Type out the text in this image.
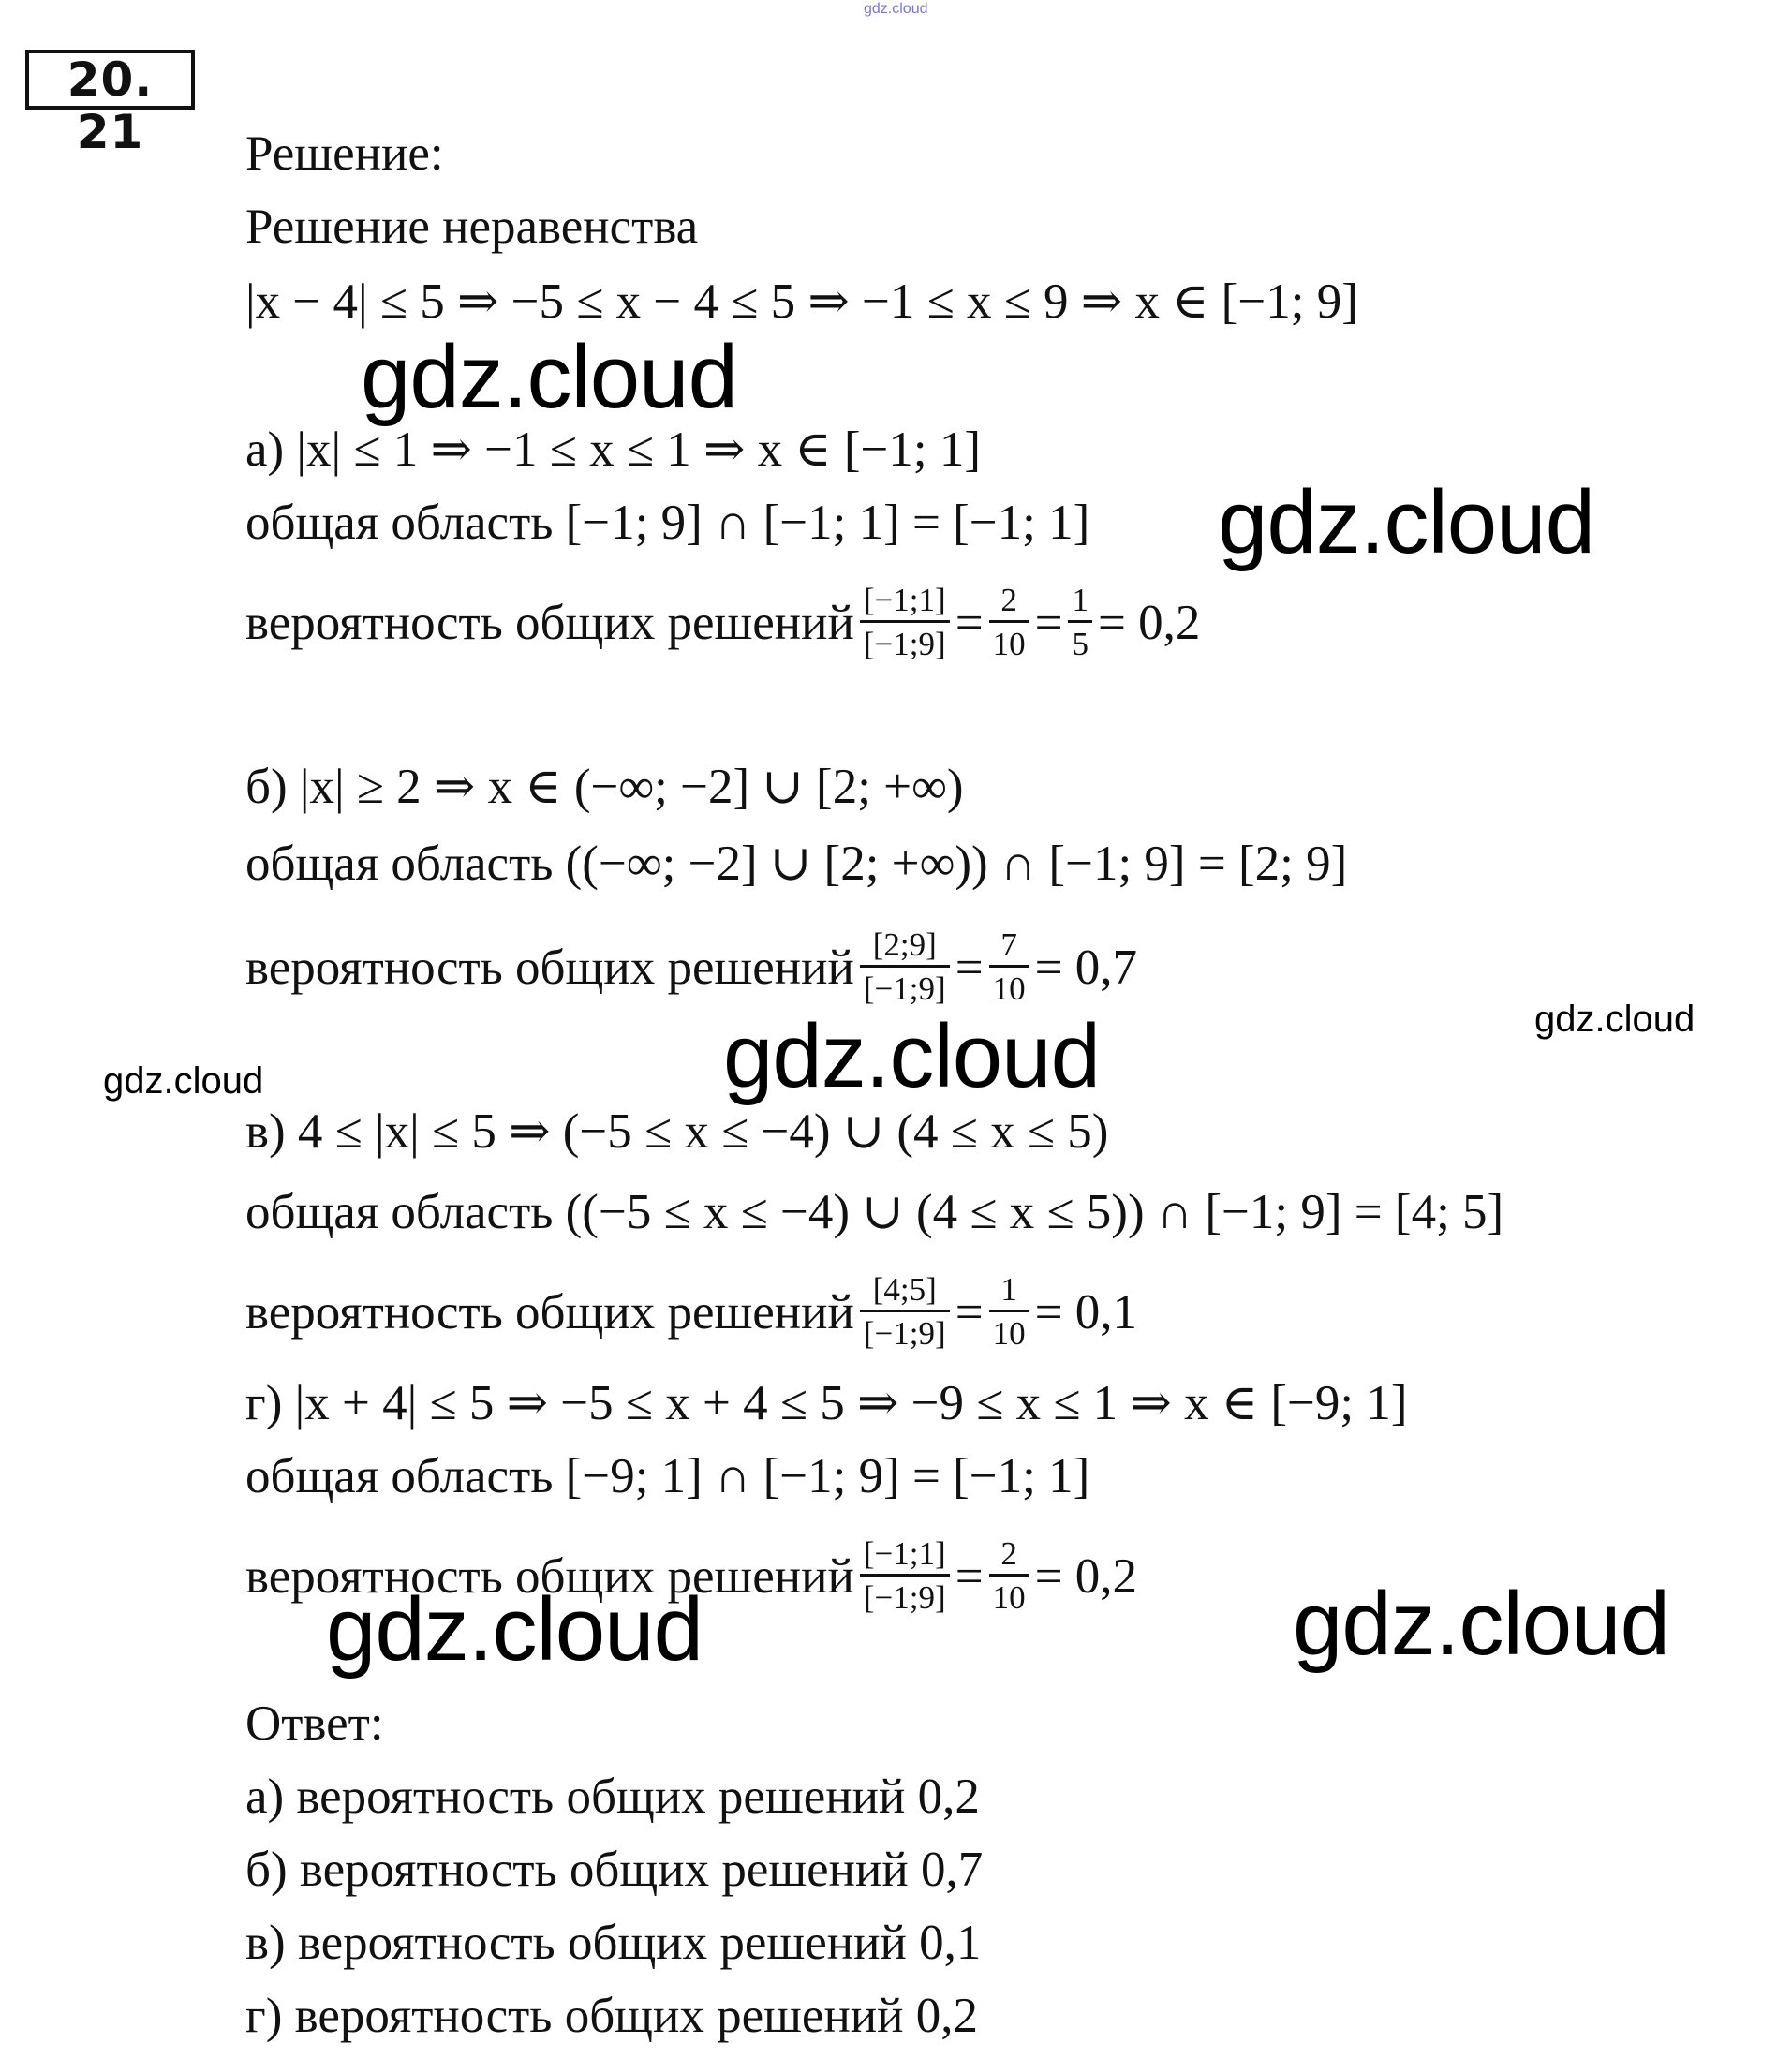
20. 21	Решение:
Решение неравенства
|x − 4| ≤ 5 ⇒ −5 ≤ x − 4 ≤ 5 ⇒ −1 ≤ x ≤ 9 ⇒ x ∈ [−1; 9]
а) |x| ≤ 1 ⇒ −1 ≤ x ≤ 1 ⇒ x ∈ [−1; 1]
общая область [−1; 9] ∩ [−1; 1] = [−1; 1]
вероятность общих решений $\frac{[-1;1]}{[-1;9]} = \frac{2}{10} = \frac{1}{5} = 0,2$
б) |x| ≥ 2 ⇒ x ∈ (−∞; −2] ∪ [2; +∞)
общая область ((−∞; −2] ∪ [2; +∞)) ∩ [−1; 9] = [2; 9]
вероятность общих решений $\frac{[2;9]}{[-1;9]} = \frac{7}{10} = 0,7$
в) 4 ≤ |x| ≤ 5 ⇒ (−5 ≤ x ≤ −4) ∪ (4 ≤ x ≤ 5)
общая область ((−5 ≤ x ≤ −4) ∪ (4 ≤ x ≤ 5)) ∩ [−1; 9] = [4; 5]
вероятность общих решений $\frac{[4;5]}{[-1;9]} = \frac{1}{10} = 0,1$
г) |x + 4| ≤ 5 ⇒ −5 ≤ x + 4 ≤ 5 ⇒ −9 ≤ x ≤ 1 ⇒ x ∈ [−9; 1]
общая область [−9; 1] ∩ [−1; 9] = [−1; 1]
вероятность общих решений $\frac{[-1;1]}{[-1;9]} = \frac{2}{10} = 0,2$
Ответ:
а) вероятность общих решений 0,2
б) вероятность общих решений 0,7
в) вероятность общих решений 0,1
г) вероятность общих решений 0,2
gdz.cloud
gdz.cloud
gdz.cloud
gdz.cloud	gdz.cloud
gdz.cloud
gdz.cloud	gdz.cloud
